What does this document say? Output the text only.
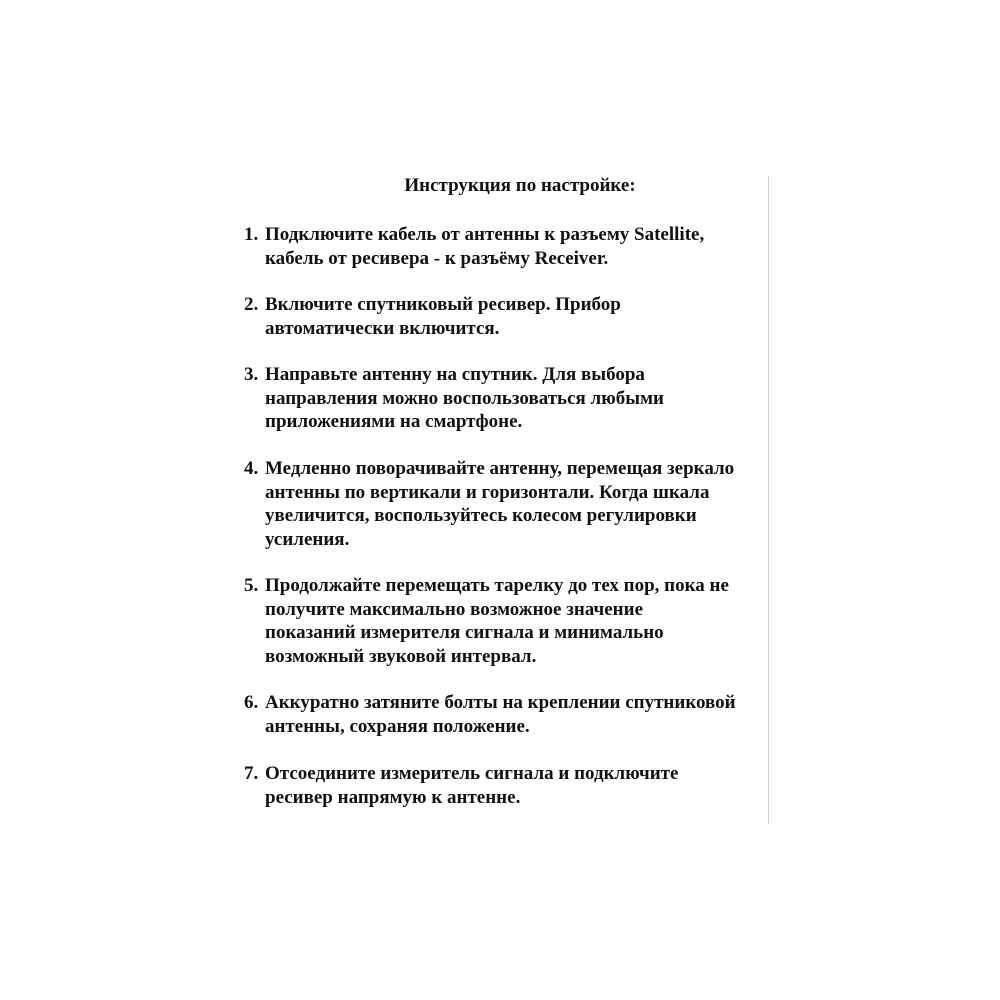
Инструкция по настройке:
1. Подключите кабель от антенны к разъему Satellite,
кабель от ресивера - к разъёму Receiver.
2. Включите спутниковый ресивер. Прибор
автоматически включится.
3. Направьте антенну на спутник. Для выбора
направления можно воспользоваться любыми
приложениями на смартфоне.
4. Медленно поворачивайте антенну, перемещая зеркало
антенны по вертикали и горизонтали. Когда шкала
увеличится, воспользуйтесь колесом регулировки
усиления.
5. Продолжайте перемещать тарелку до тех пор, пока не
получите максимально возможное значение
показаний измерителя сигнала и минимально
возможный звуковой интервал.
6. Аккуратно затяните болты на креплении спутниковой
антенны, сохраняя положение.
7. Отсоедините измеритель сигнала и подключите
ресивер напрямую к антенне.
